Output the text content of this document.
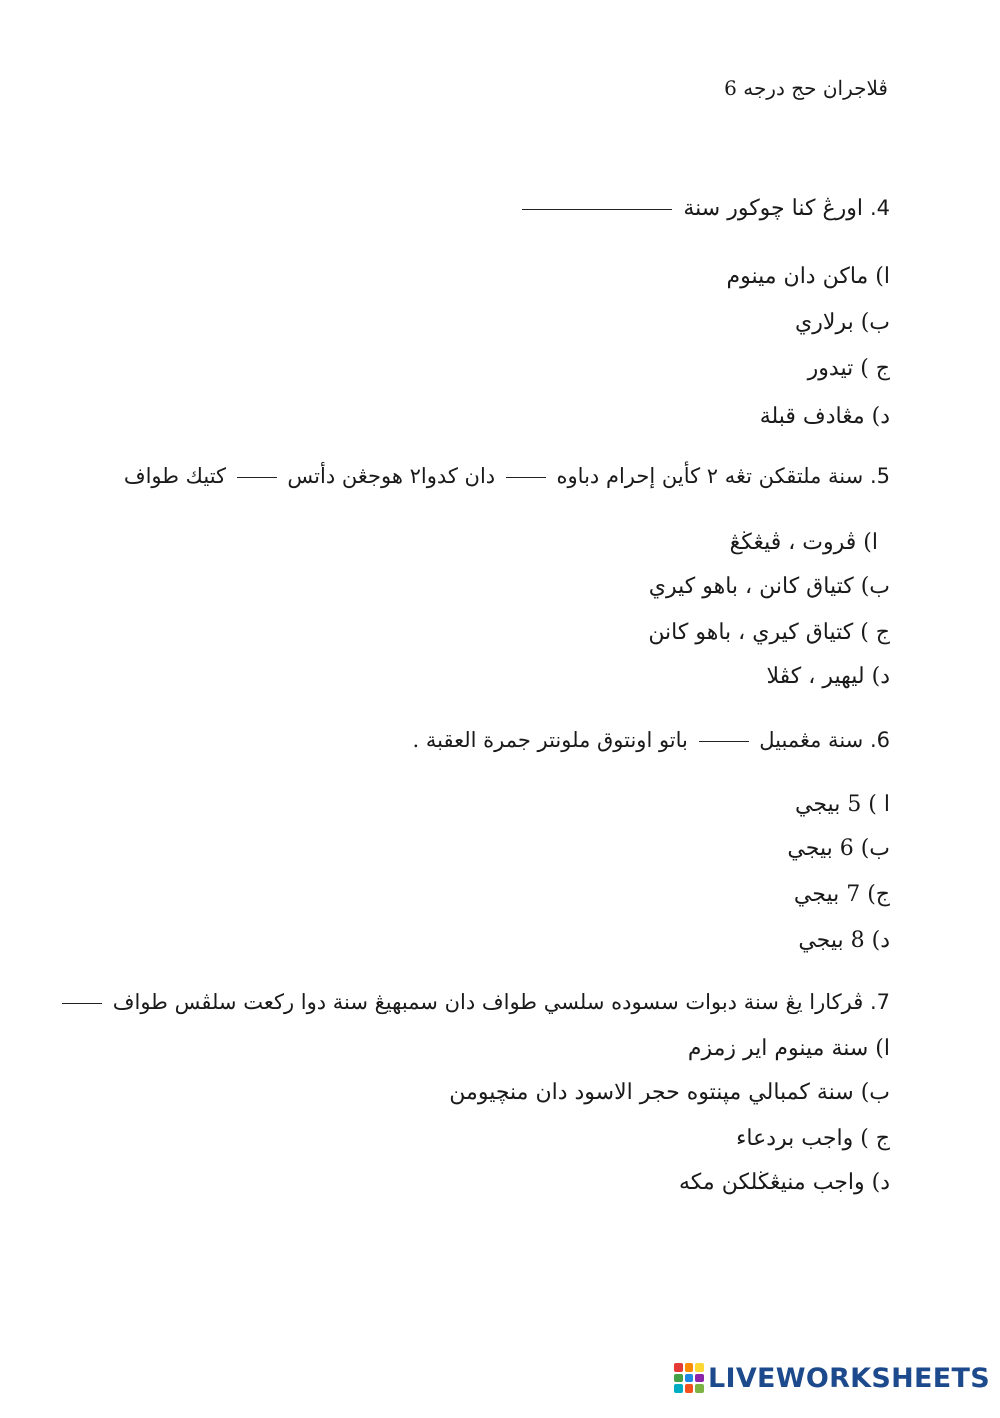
ڤلاجران حج درجه 6
4. اورڠ كنا چوكور سنة
ا) ماكن دان مينوم
ب) برلاري
ج ) تيدور
د) مڠادف قبلة
5. سنة ملتقكن تڠه ٢ كأين إحرام دباوه  دان كدوا٢ هوجڠن دأتس  كتيك طواف
ا) ڤروت ، ڤيڠڬڠ
ب) كتياق كانن ، باهو كيري
ج ) كتياق كيري ، باهو كانن
د) ليهير ، كڤلا
6. سنة مڠمبيل  باتو اونتوق ملونتر جمرة العقبة .
ا ) 5 بيجي
ب) 6 بيجي
ج) 7 بيجي
د) 8 بيجي
7. ڤركارا يڠ سنة دبوات سسوده سلسي طواف دان سمبهيڠ سنة دوا ركعت سلڤس طواف
ا) سنة مينوم اير زمزم
ب) سنة كمبالي مپنتوه حجر الاسود دان منچيومن
ج ) واجب بردعاء
د) واجب منيڠڬلكن مكه
LIVEWORKSHEETS
